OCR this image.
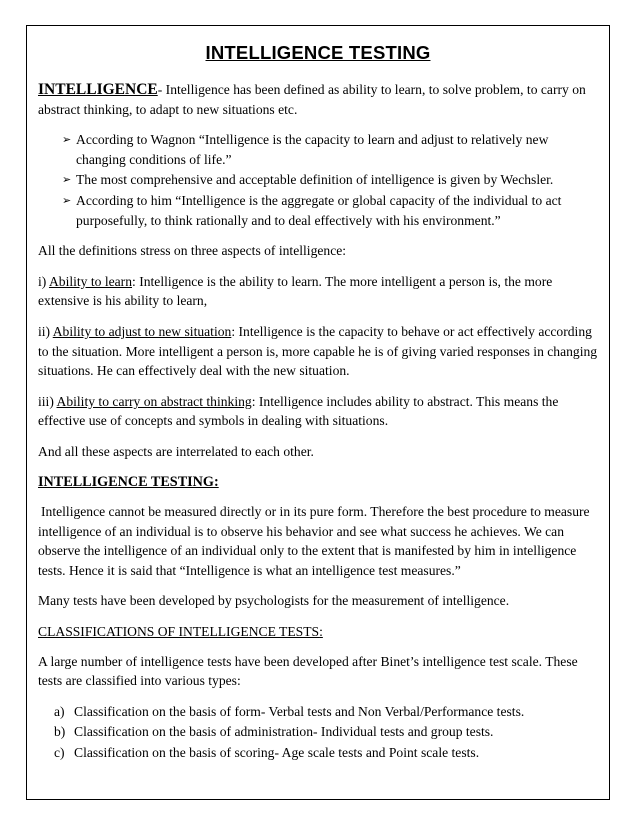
INTELLIGENCE TESTING

INTELLIGENCE- Intelligence has been defined as ability to learn, to solve problem, to carry on abstract thinking, to adapt to new situations etc.

➢ According to Wagnon “Intelligence is the capacity to learn and adjust to relatively new changing conditions of life.”
➢ The most comprehensive and acceptable definition of intelligence is given by Wechsler.
➢ According to him “Intelligence is the aggregate or global capacity of the individual to act purposefully, to think rationally and to deal effectively with his environment.”

All the definitions stress on three aspects of intelligence:

i) Ability to learn: Intelligence is the ability to learn. The more intelligent a person is, the more extensive is his ability to learn,

ii) Ability to adjust to new situation: Intelligence is the capacity to behave or act effectively according to the situation. More intelligent a person is, more capable he is of giving varied responses in changing situations. He can effectively deal with the new situation.

iii) Ability to carry on abstract thinking: Intelligence includes ability to abstract. This means the effective use of concepts and symbols in dealing with situations.

And all these aspects are interrelated to each other.

INTELLIGENCE TESTING:

Intelligence cannot be measured directly or in its pure form. Therefore the best procedure to measure intelligence of an individual is to observe his behavior and see what success he achieves. We can observe the intelligence of an individual only to the extent that is manifested by him in intelligence tests. Hence it is said that “Intelligence is what an intelligence test measures.”

Many tests have been developed by psychologists for the measurement of intelligence.

CLASSIFICATIONS OF INTELLIGENCE TESTS:

A large number of intelligence tests have been developed after Binet’s intelligence test scale. These tests are classified into various types:

a) Classification on the basis of form- Verbal tests and Non Verbal/Performance tests.
b) Classification on the basis of administration- Individual tests and group tests.
c) Classification on the basis of scoring- Age scale tests and Point scale tests.
